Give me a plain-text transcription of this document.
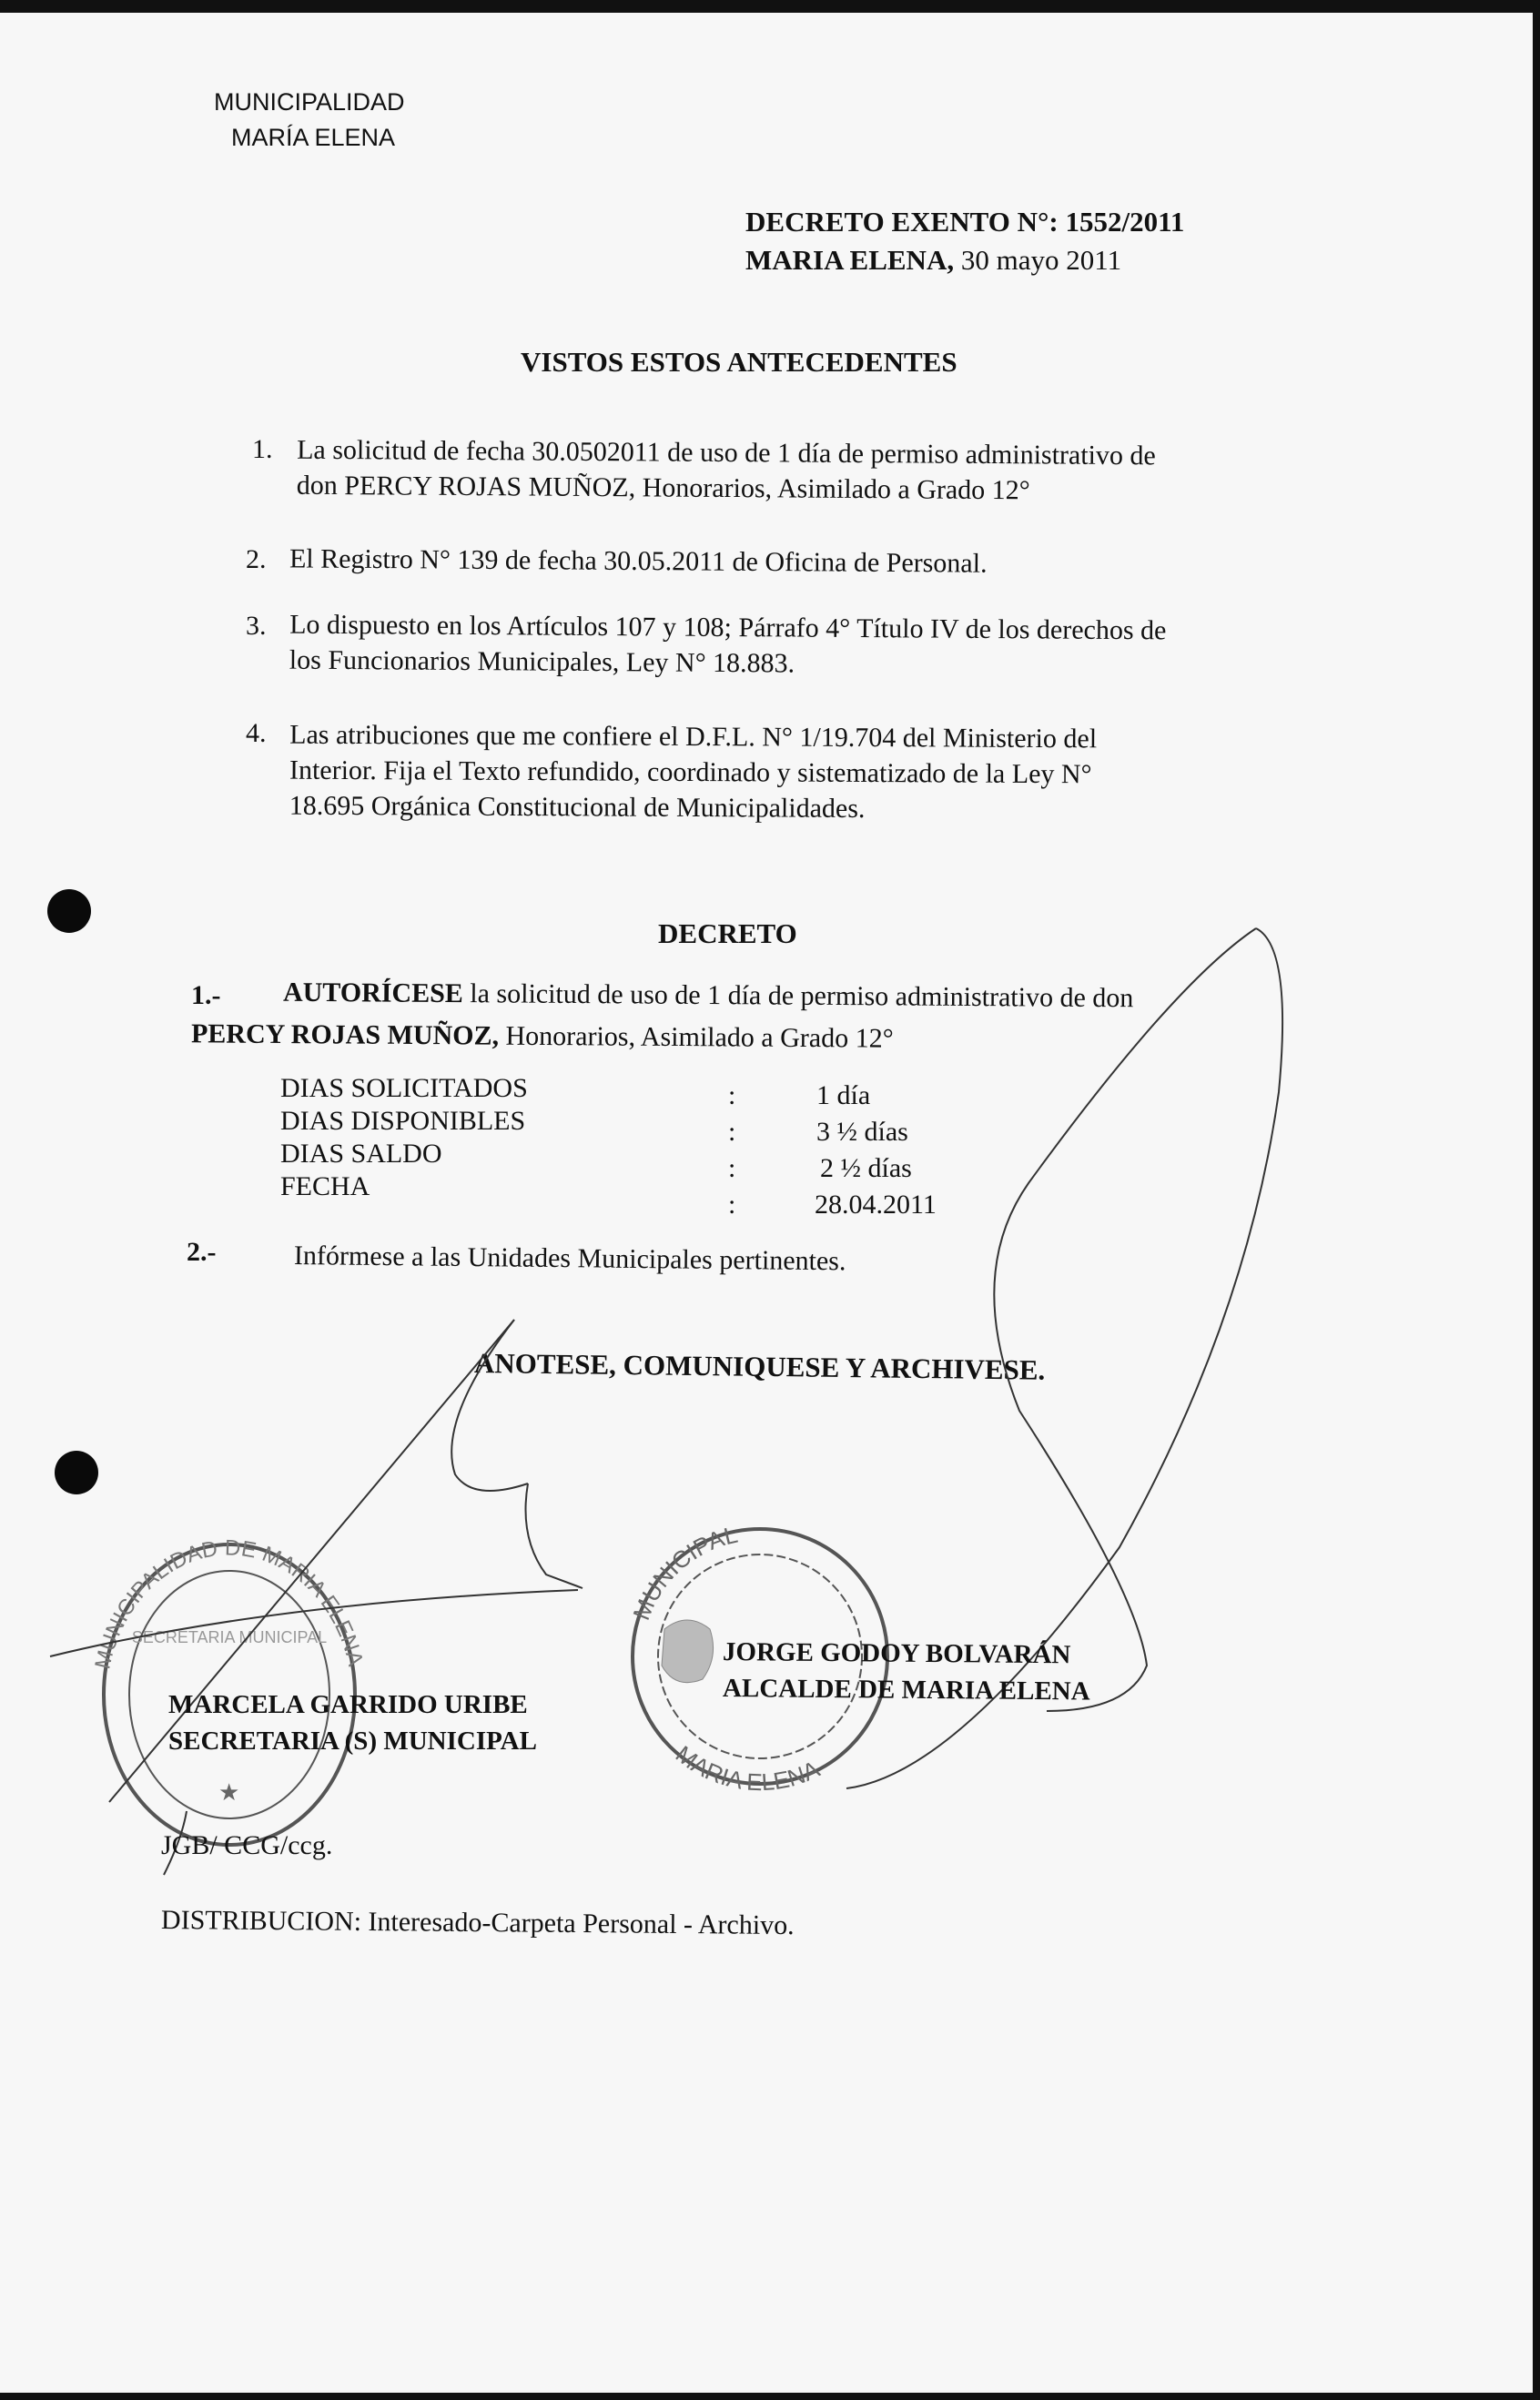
MUNICIPALIDAD
MARÍA ELENA
DECRETO EXENTO N°: 1552/2011
MARIA ELENA, 30 mayo 2011
VISTOS ESTOS ANTECEDENTES
1. La solicitud de fecha 30.0502011 de uso de 1 día de permiso administrativo de
don PERCY ROJAS MUÑOZ, Honorarios, Asimilado a Grado 12°
2. El Registro N° 139 de fecha 30.05.2011 de Oficina de Personal.
3. Lo dispuesto en los Artículos 107 y 108; Párrafo 4° Título IV de los derechos de
los Funcionarios Municipales, Ley N° 18.883.
4. Las atribuciones que me confiere el D.F.L. N° 1/19.704 del Ministerio del
Interior. Fija el Texto refundido, coordinado y sistematizado de la Ley N°
18.695 Orgánica Constitucional de Municipalidades.
DECRETO
1.- AUTORÍCESE la solicitud de uso de 1 día de permiso administrativo de don
PERCY ROJAS MUÑOZ, Honorarios, Asimilado a Grado 12°
DIAS SOLICITADOS
DIAS DISPONIBLES
DIAS SALDO
FECHA
:
:
:
:
1 día
3 ½ días
2 ½ días
28.04.2011
2.-	Infórmese a las Unidades Municipales pertinentes.
ANOTESE, COMUNIQUESE Y ARCHIVESE.
MUNICIPALIDAD DE MARIA ELENA
SECRETARIA MUNICIPAL
★
MUNICIPAL
MARIA ELENA
JORGE GODOY BOLVARÁN
ALCALDE DE MARIA ELENA
MARCELA GARRIDO URIBE
SECRETARIA (S) MUNICIPAL
JGB/ CCG/ccg.
DISTRIBUCION: Interesado-Carpeta Personal - Archivo.
